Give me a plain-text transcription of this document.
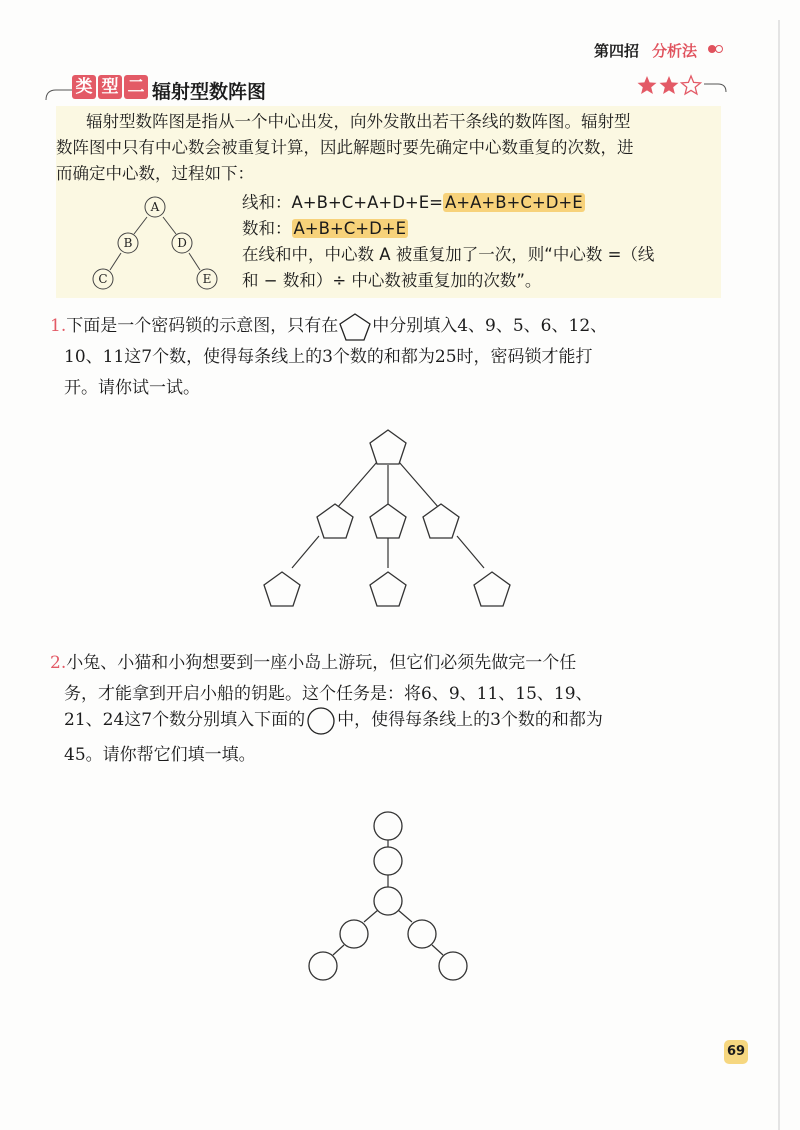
第四招 分析法
类 型 二 辐射型数阵图
辐射型数阵图是指从一个中心出发，向外发散出若干条线的数阵图。辐射型
数阵图中只有中心数会被重复计算，因此解题时要先确定中心数重复的次数，进
而确定中心数，过程如下：
A
B	D
C	E
线和：A+B+C+A+D+E= A+A+B+C+D+E
数和： A+B+C+D+E
在线和中，中心数 A 被重复加了一次，则“中心数 =（线
和 − 数和）÷ 中心数被重复加的次数”。
1.下面是一个密码锁的示意图，只有在 中分别填入4、9、5、6、12、
10、11这7个数，使得每条线上的3个数的和都为25时，密码锁才能打
开。请你试一试。
2.小兔、小猫和小狗想要到一座小岛上游玩，但它们必须先做完一个任
务，才能拿到开启小船的钥匙。这个任务是：将6、9、11、15、19、
21、24这7个数分别填入下面的 中，使得每条线上的3个数的和都为
45。请你帮它们填一填。
69
